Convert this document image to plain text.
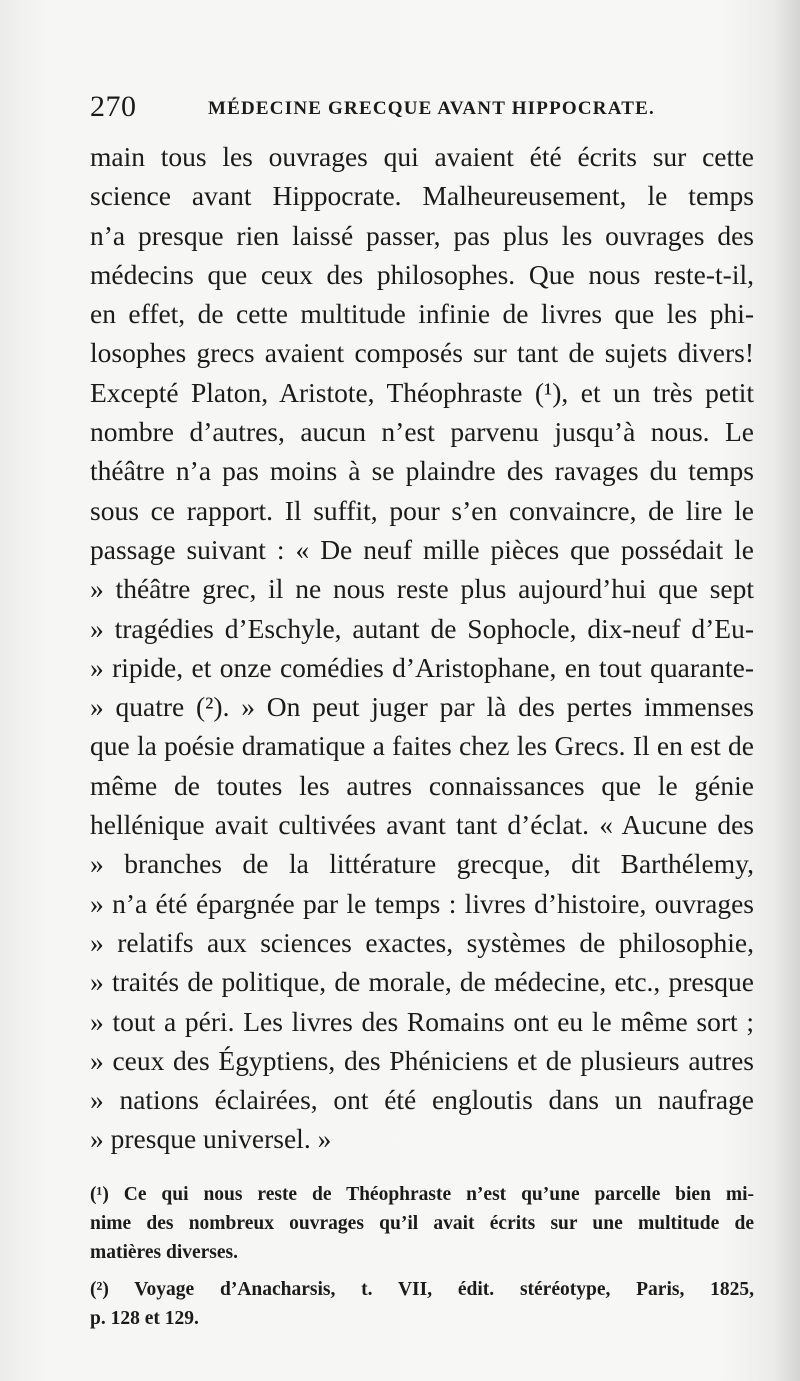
270	MÉDECINE GRECQUE AVANT HIPPOCRATE.
main tous les ouvrages qui avaient été écrits sur cette
science avant Hippocrate. Malheureusement, le temps
n’a presque rien laissé passer, pas plus les ouvrages des
médecins que ceux des philosophes. Que nous reste-t-il,
en effet, de cette multitude infinie de livres que les phi-
losophes grecs avaient composés sur tant de sujets divers!
Excepté Platon, Aristote, Théophraste (¹), et un très petit
nombre d’autres, aucun n’est parvenu jusqu’à nous. Le
théâtre n’a pas moins à se plaindre des ravages du temps
sous ce rapport. Il suffit, pour s’en convaincre, de lire le
passage suivant : « De neuf mille pièces que possédait le
» théâtre grec, il ne nous reste plus aujourd’hui que sept
» tragédies d’Eschyle, autant de Sophocle, dix-neuf d’Eu-
» ripide, et onze comédies d’Aristophane, en tout quarante-
» quatre (²). » On peut juger par là des pertes immenses
que la poésie dramatique a faites chez les Grecs. Il en est de
même de toutes les autres connaissances que le génie
hellénique avait cultivées avant tant d’éclat. « Aucune des
» branches de la littérature grecque, dit Barthélemy,
» n’a été épargnée par le temps : livres d’histoire, ouvrages
» relatifs aux sciences exactes, systèmes de philosophie,
» traités de politique, de morale, de médecine, etc., presque
» tout a péri. Les livres des Romains ont eu le même sort ;
» ceux des Égyptiens, des Phéniciens et de plusieurs autres
» nations éclairées, ont été engloutis dans un naufrage
» presque universel. »
(¹) Ce qui nous reste de Théophraste n’est qu’une parcelle bien mi-
nime des nombreux ouvrages qu’il avait écrits sur une multitude de
matières diverses.
(²) Voyage d’Anacharsis, t. VII, édit. stéréotype, Paris, 1825,
p. 128 et 129.
